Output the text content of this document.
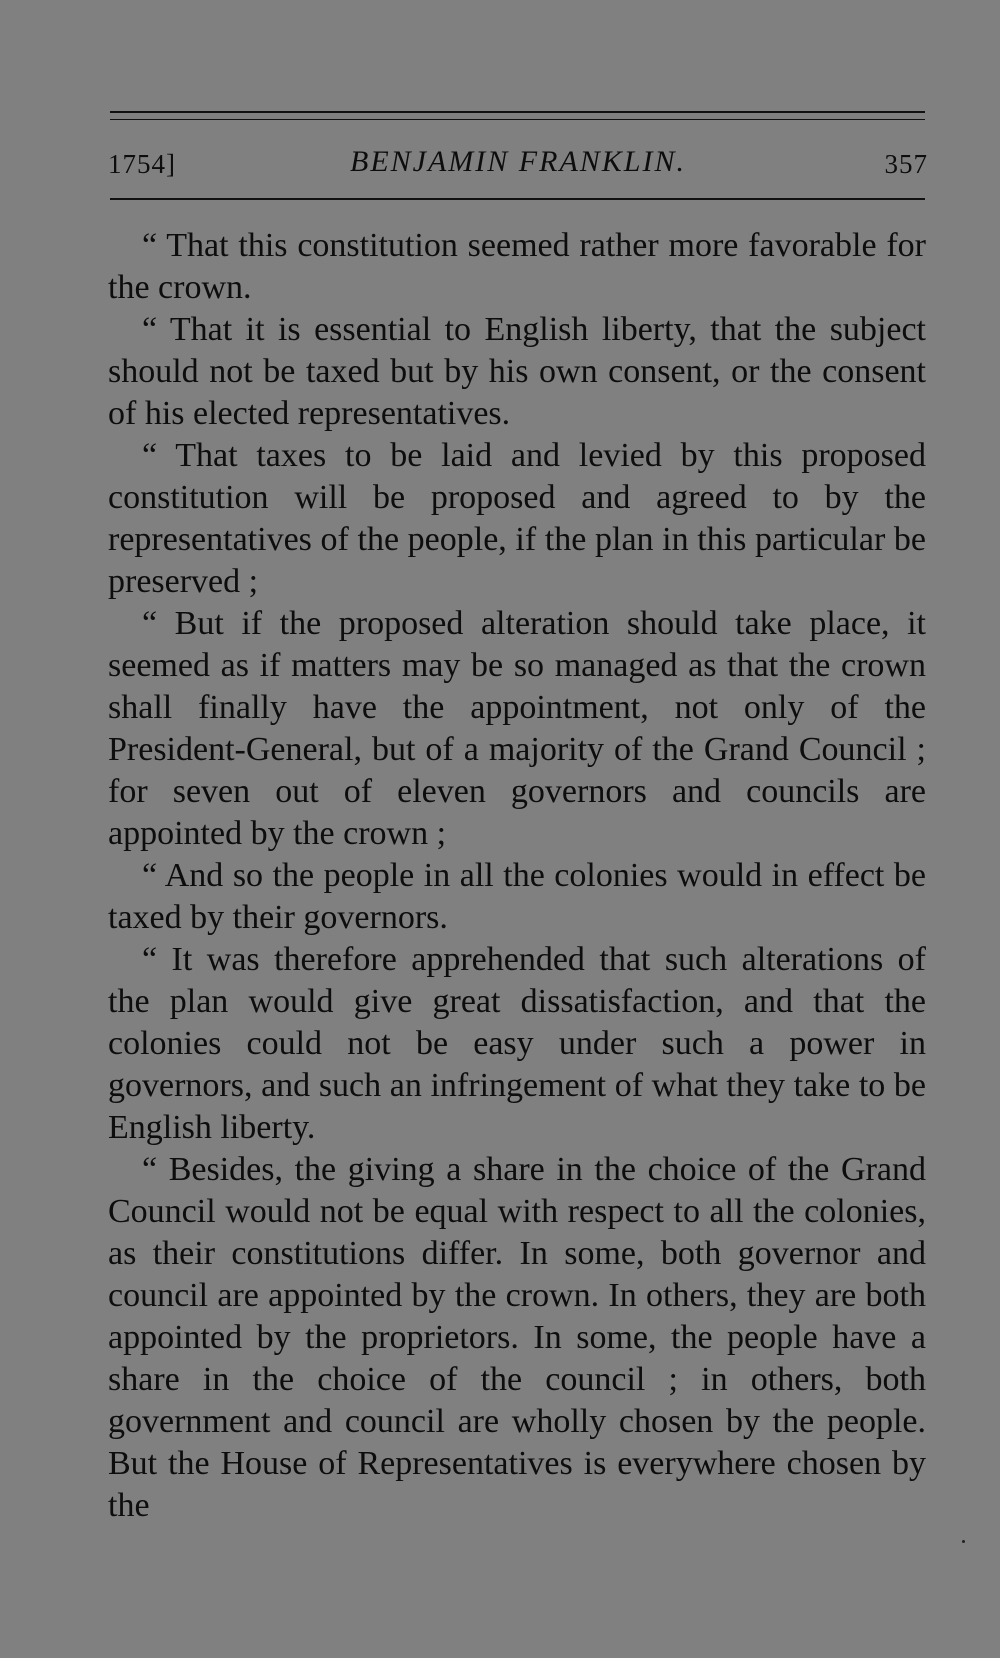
1754]	BENJAMIN FRANKLIN.	357

“ That this constitution seemed rather more favorable for the crown.

“ That it is essential to English liberty, that the subject should not be taxed but by his own consent, or the consent of his elected representatives.

“ That taxes to be laid and levied by this proposed constitution will be proposed and agreed to by the representatives of the people, if the plan in this particular be preserved ;

“ But if the proposed alteration should take place, it seemed as if matters may be so managed as that the crown shall finally have the appointment, not only of the President-General, but of a majority of the Grand Council ; for seven out of eleven governors and councils are appointed by the crown ;

“ And so the people in all the colonies would in effect be taxed by their governors.

“ It was therefore apprehended that such alterations of the plan would give great dissatisfaction, and that the colonies could not be easy under such a power in governors, and such an infringement of what they take to be English liberty.

“ Besides, the giving a share in the choice of the Grand Council would not be equal with respect to all the colonies, as their constitutions differ. In some, both governor and council are appointed by the crown. In others, they are both appointed by the proprietors. In some, the people have a share in the choice of the council ; in others, both government and council are wholly chosen by the people. But the House of Representatives is everywhere chosen by the
